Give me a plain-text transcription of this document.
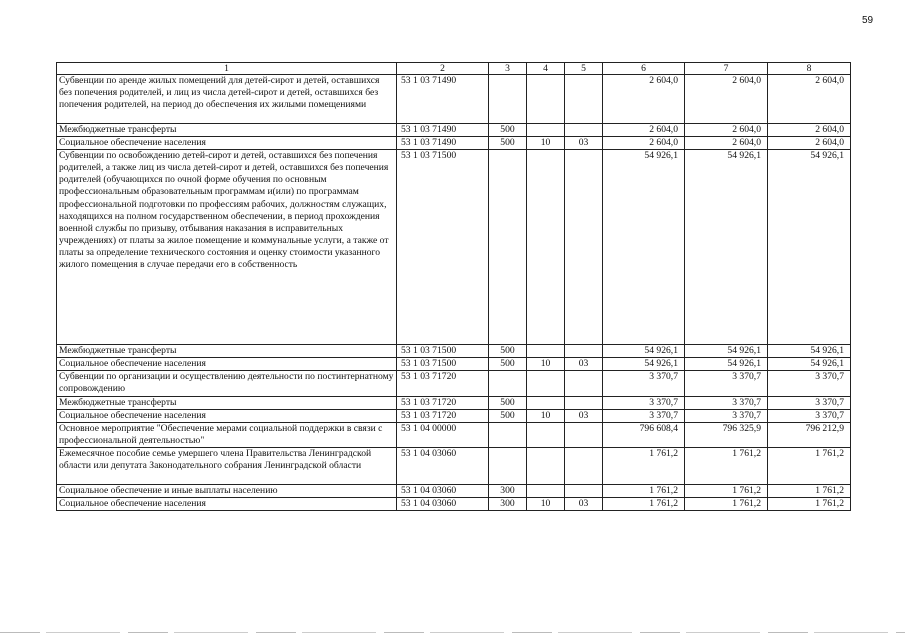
59
1	2	3	4	5	6	7	8
Субвенции по аренде жилых помещений для детей-сирот и детей, оставшихся без попечения родителей, и лиц из числа детей-сирот и детей, оставшихся без попечения родителей, на период до обеспечения их жилыми помещениями	53 1 03 71490				2 604,0	2 604,0	2 604,0
Межбюджетные трансферты	53 1 03 71490	500			2 604,0	2 604,0	2 604,0
Социальное обеспечение населения	53 1 03 71490	500	10	03	2 604,0	2 604,0	2 604,0
Субвенции по освобождению детей-сирот и детей, оставшихся без попечения родителей, а также лиц из числа детей-сирот и детей, оставшихся без попечения родителей (обучающихся по очной форме обучения по основным профессиональным образовательным программам и(или) по программам профессиональной подготовки по профессиям рабочих, должностям служащих, находящихся на полном государственном обеспечении, в период прохождения военной службы по призыву, отбывания наказания в исправительных учреждениях) от платы за жилое помещение и коммунальные услуги, а также от платы за определение технического состояния и оценку стоимости указанного жилого помещения в случае передачи его в собственность	53 1 03 71500				54 926,1	54 926,1	54 926,1
Межбюджетные трансферты	53 1 03 71500	500			54 926,1	54 926,1	54 926,1
Социальное обеспечение населения	53 1 03 71500	500	10	03	54 926,1	54 926,1	54 926,1
Субвенции по организации и осуществлению деятельности по постинтернатному сопровождению	53 1 03 71720				3 370,7	3 370,7	3 370,7
Межбюджетные трансферты	53 1 03 71720	500			3 370,7	3 370,7	3 370,7
Социальное обеспечение населения	53 1 03 71720	500	10	03	3 370,7	3 370,7	3 370,7
Основное мероприятие "Обеспечение мерами социальной поддержки в связи с профессиональной деятельностью"	53 1 04 00000				796 608,4	796 325,9	796 212,9
Ежемесячное пособие семье умершего члена Правительства Ленинградской области или депутата Законодательного собрания Ленинградской области	53 1 04 03060				1 761,2	1 761,2	1 761,2
Социальное обеспечение и иные выплаты населению	53 1 04 03060	300			1 761,2	1 761,2	1 761,2
Социальное обеспечение населения	53 1 04 03060	300	10	03	1 761,2	1 761,2	1 761,2
